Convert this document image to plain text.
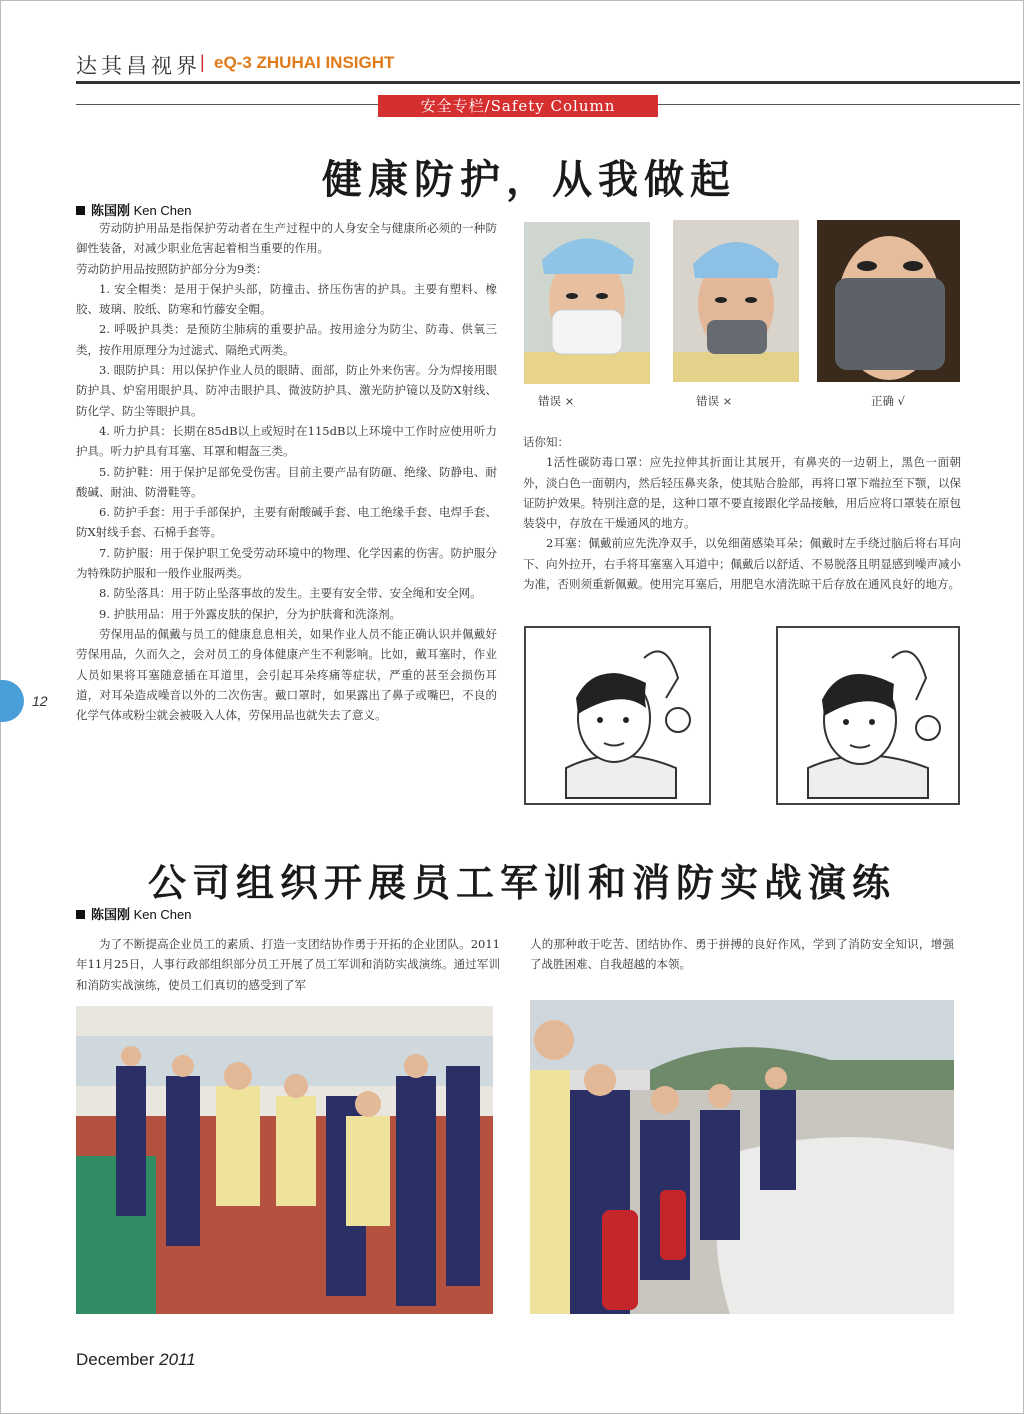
达其昌视界 | eQ-3 ZHUHAI INSIGHT
安全专栏/Safety Column
健康防护，从我做起
陈国刚 Ken Chen

劳动防护用品是指保护劳动者在生产过程中的人身安全与健康所必须的一种防御性装备，对减少职业危害起着相当重要的作用。

劳动防护用品按照防护部分分为9类：

1. 安全帽类：是用于保护头部，防撞击、挤压伤害的护具。主要有塑料、橡胶、玻璃、胶纸、防寒和竹藤安全帽。

2. 呼吸护具类：是预防尘肺病的重要护品。按用途分为防尘、防毒、供氧三类，按作用原理分为过滤式、隔绝式两类。

3. 眼防护具：用以保护作业人员的眼睛、面部，防止外来伤害。分为焊接用眼防护具、炉窑用眼护具、防冲击眼护具、微波防护具、激光防护镜以及防X射线、防化学、防尘等眼护具。

4. 听力护具：长期在85dB以上或短时在115dB以上环境中工作时应使用听力护具。听力护具有耳塞、耳罩和帽盔三类。

5. 防护鞋：用于保护足部免受伤害。目前主要产品有防砸、绝缘、防静电、耐酸碱、耐油、防滑鞋等。

6. 防护手套：用于手部保护，主要有耐酸碱手套、电工绝缘手套、电焊手套、防X射线手套、石棉手套等。

7. 防护服：用于保护职工免受劳动环境中的物理、化学因素的伤害。防护服分为特殊防护服和一般作业服两类。

8. 防坠落具：用于防止坠落事故的发生。主要有安全带、安全绳和安全网。

9. 护肤用品：用于外露皮肤的保护，分为护肤膏和洗涤剂。

劳保用品的佩戴与员工的健康息息相关，如果作业人员不能正确认识并佩戴好劳保用品，久而久之，会对员工的身体健康产生不利影响。比如，戴耳塞时，作业人员如果将耳塞随意插在耳道里，会引起耳朵疼痛等症状，严重的甚至会损伤耳道，对耳朵造成噪音以外的二次伤害。戴口罩时，如果露出了鼻子或嘴巴，不良的化学气体或粉尘就会被吸入人体，劳保用品也就失去了意义。

错误 ×	错误 ×	正确 √

话你知：

1活性碳防毒口罩：应先拉伸其折面让其展开，有鼻夹的一边朝上，黑色一面朝外，淡白色一面朝内，然后轻压鼻夹条，使其贴合脸部，再将口罩下端拉至下颚，以保证防护效果。特别注意的是，这种口罩不要直接跟化学品接触，用后应将口罩装在原包装袋中，存放在干燥通风的地方。

2耳塞：佩戴前应先洗净双手，以免细菌感染耳朵；佩戴时左手绕过脑后将右耳向下、向外拉开，右手将耳塞塞入耳道中；佩戴后以舒适、不易脱落且明显感到噪声减小为准，否则须重新佩戴。使用完耳塞后，用肥皂水清洗晾干后存放在通风良好的地方。

12
公司组织开展员工军训和消防实战演练
陈国刚 Ken Chen

为了不断提高企业员工的素质、打造一支团结协作勇于开拓的企业团队。2011年11月25日，人事行政部组织部分员工开展了员工军训和消防实战演练。通过军训和消防实战演练，使员工们真切的感受到了军

人的那种敢于吃苦、团结协作、勇于拼搏的良好作风，学到了消防安全知识，增强了战胜困难、自我超越的本领。

December 2011
